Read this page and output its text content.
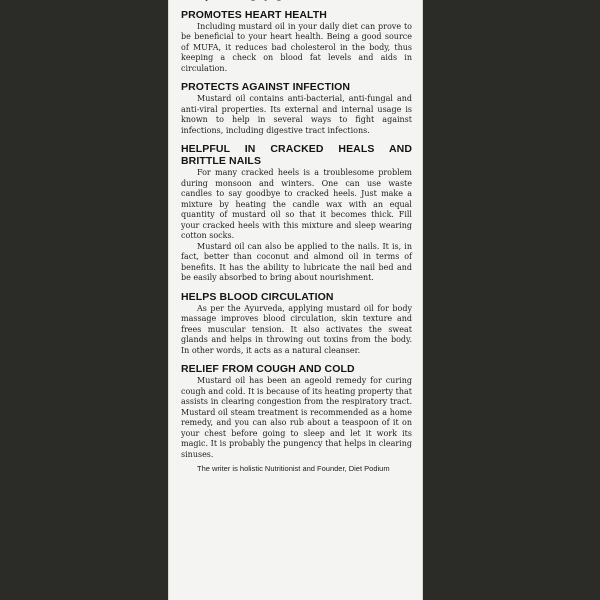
PROMOTES HEART HEALTH

Including mustard oil in your daily diet can prove to be beneficial to your heart health. Being a good source of MUFA, it reduces bad cholesterol in the body, thus keeping a check on blood fat levels and aids in circulation.

PROTECTS AGAINST INFECTION

Mustard oil contains anti-bacterial, anti-fungal and anti-viral properties. Its external and internal usage is known to help in several ways to fight against infections, including digestive tract infections.

HELPFUL IN CRACKED HEALS AND BRITTLE NAILS

For many cracked heels is a troublesome problem during monsoon and winters. One can use waste candles to say goodbye to cracked heels. Just make a mixture by heating the candle wax with an equal quantity of mustard oil so that it becomes thick. Fill your cracked heels with this mixture and sleep wearing cotton socks.

Mustard oil can also be applied to the nails. It is, in fact, better than coconut and almond oil in terms of benefits. It has the ability to lubricate the nail bed and be easily absorbed to bring about nourishment.

HELPS BLOOD CIRCULATION

As per the Ayurveda, applying mustard oil for body massage improves blood circulation, skin texture and frees muscular tension. It also activates the sweat glands and helps in throwing out toxins from the body. In other words, it acts as a natural cleanser.

RELIEF FROM COUGH AND COLD

Mustard oil has been an ageold remedy for curing cough and cold. It is because of its heating property that assists in clearing congestion from the respiratory tract. Mustard oil steam treatment is recommended as a home remedy, and you can also rub about a teaspoon of it on your chest before going to sleep and let it work its magic. It is probably the pungency that helps in clearing sinuses.

The writer is holistic Nutritionist and Founder, Diet Podium
